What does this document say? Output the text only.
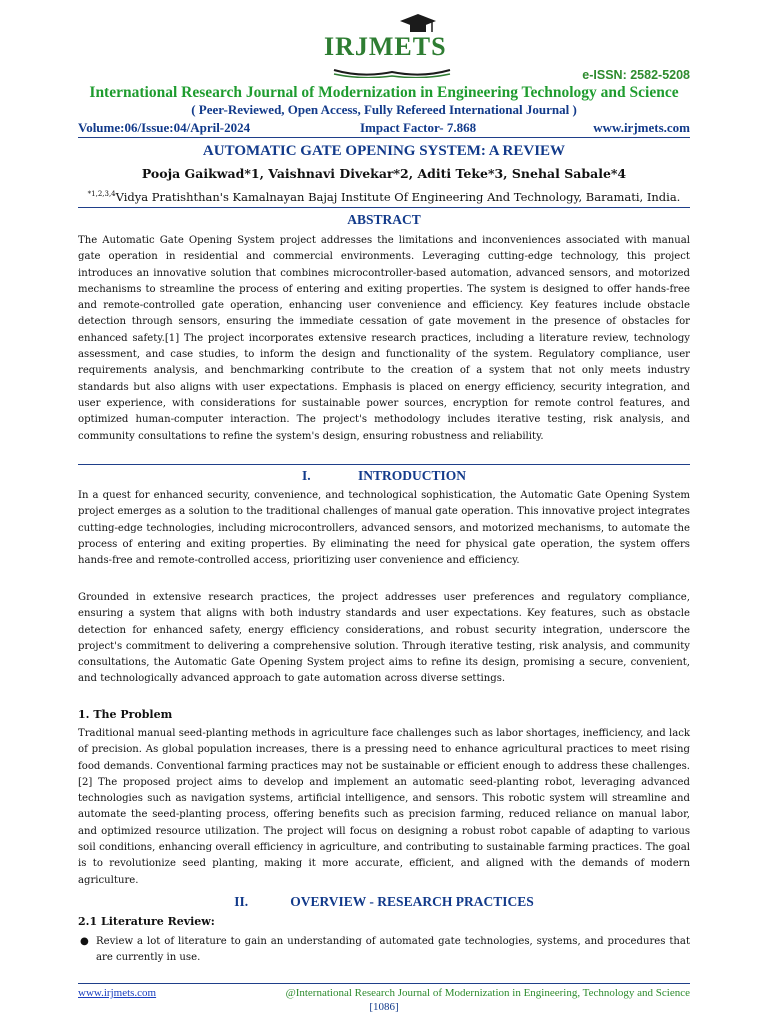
IRJMETS
e-ISSN: 2582-5208
International Research Journal of Modernization in Engineering Technology and Science
( Peer-Reviewed, Open Access, Fully Refereed International Journal )
Volume:06/Issue:04/April-2024	Impact Factor- 7.868	www.irjmets.com
AUTOMATIC GATE OPENING SYSTEM: A REVIEW
Pooja Gaikwad*1, Vaishnavi Divekar*2, Aditi Teke*3, Snehal Sabale*4
$^{*1,2,3,4}$Vidya Pratishthan's Kamalnayan Bajaj Institute Of Engineering And Technology, Baramati, India.
ABSTRACT

The Automatic Gate Opening System project addresses the limitations and inconveniences associated with manual gate operation in residential and commercial environments. Leveraging cutting-edge technology, this project introduces an innovative solution that combines microcontroller-based automation, advanced sensors, and motorized mechanisms to streamline the process of entering and exiting properties. The system is designed to offer hands-free and remote-controlled gate operation, enhancing user convenience and efficiency. Key features include obstacle detection through sensors, ensuring the immediate cessation of gate movement in the presence of obstacles for enhanced safety.[1] The project incorporates extensive research practices, including a literature review, technology assessment, and case studies, to inform the design and functionality of the system. Regulatory compliance, user requirements analysis, and benchmarking contribute to the creation of a system that not only meets industry standards but also aligns with user expectations. Emphasis is placed on energy efficiency, security integration, and user experience, with considerations for sustainable power sources, encryption for remote control features, and optimized human-computer interaction. The project's methodology includes iterative testing, risk analysis, and community consultations to refine the system's design, ensuring robustness and reliability.

I.	INTRODUCTION

In a quest for enhanced security, convenience, and technological sophistication, the Automatic Gate Opening System project emerges as a solution to the traditional challenges of manual gate operation. This innovative project integrates cutting-edge technologies, including microcontrollers, advanced sensors, and motorized mechanisms, to automate the process of entering and exiting properties. By eliminating the need for physical gate operation, the system offers hands-free and remote-controlled access, prioritizing user convenience and efficiency.

Grounded in extensive research practices, the project addresses user preferences and regulatory compliance, ensuring a system that aligns with both industry standards and user expectations. Key features, such as obstacle detection for enhanced safety, energy efficiency considerations, and robust security integration, underscore the project's commitment to delivering a comprehensive solution. Through iterative testing, risk analysis, and community consultations, the Automatic Gate Opening System project aims to refine its design, promising a secure, convenient, and technologically advanced approach to gate automation across diverse settings.

1. The Problem

Traditional manual seed-planting methods in agriculture face challenges such as labor shortages, inefficiency, and lack of precision. As global population increases, there is a pressing need to enhance agricultural practices to meet rising food demands. Conventional farming practices may not be sustainable or efficient enough to address these challenges.[2] The proposed project aims to develop and implement an automatic seed-planting robot, leveraging advanced technologies such as navigation systems, artificial intelligence, and sensors. This robotic system will streamline and automate the seed-planting process, offering benefits such as precision farming, reduced reliance on manual labor, and optimized resource utilization. The project will focus on designing a robust robot capable of adapting to various soil conditions, enhancing overall efficiency in agriculture, and contributing to sustainable farming practices. The goal is to revolutionize seed planting, making it more accurate, efficient, and aligned with the demands of modern agriculture.

II.	OVERVIEW - RESEARCH PRACTICES
2.1 Literature Review:
● Review a lot of literature to gain an understanding of automated gate technologies, systems, and procedures that are currently in use.
www.irjmets.com	@International Research Journal of Modernization in Engineering, Technology and Science
[1086]
